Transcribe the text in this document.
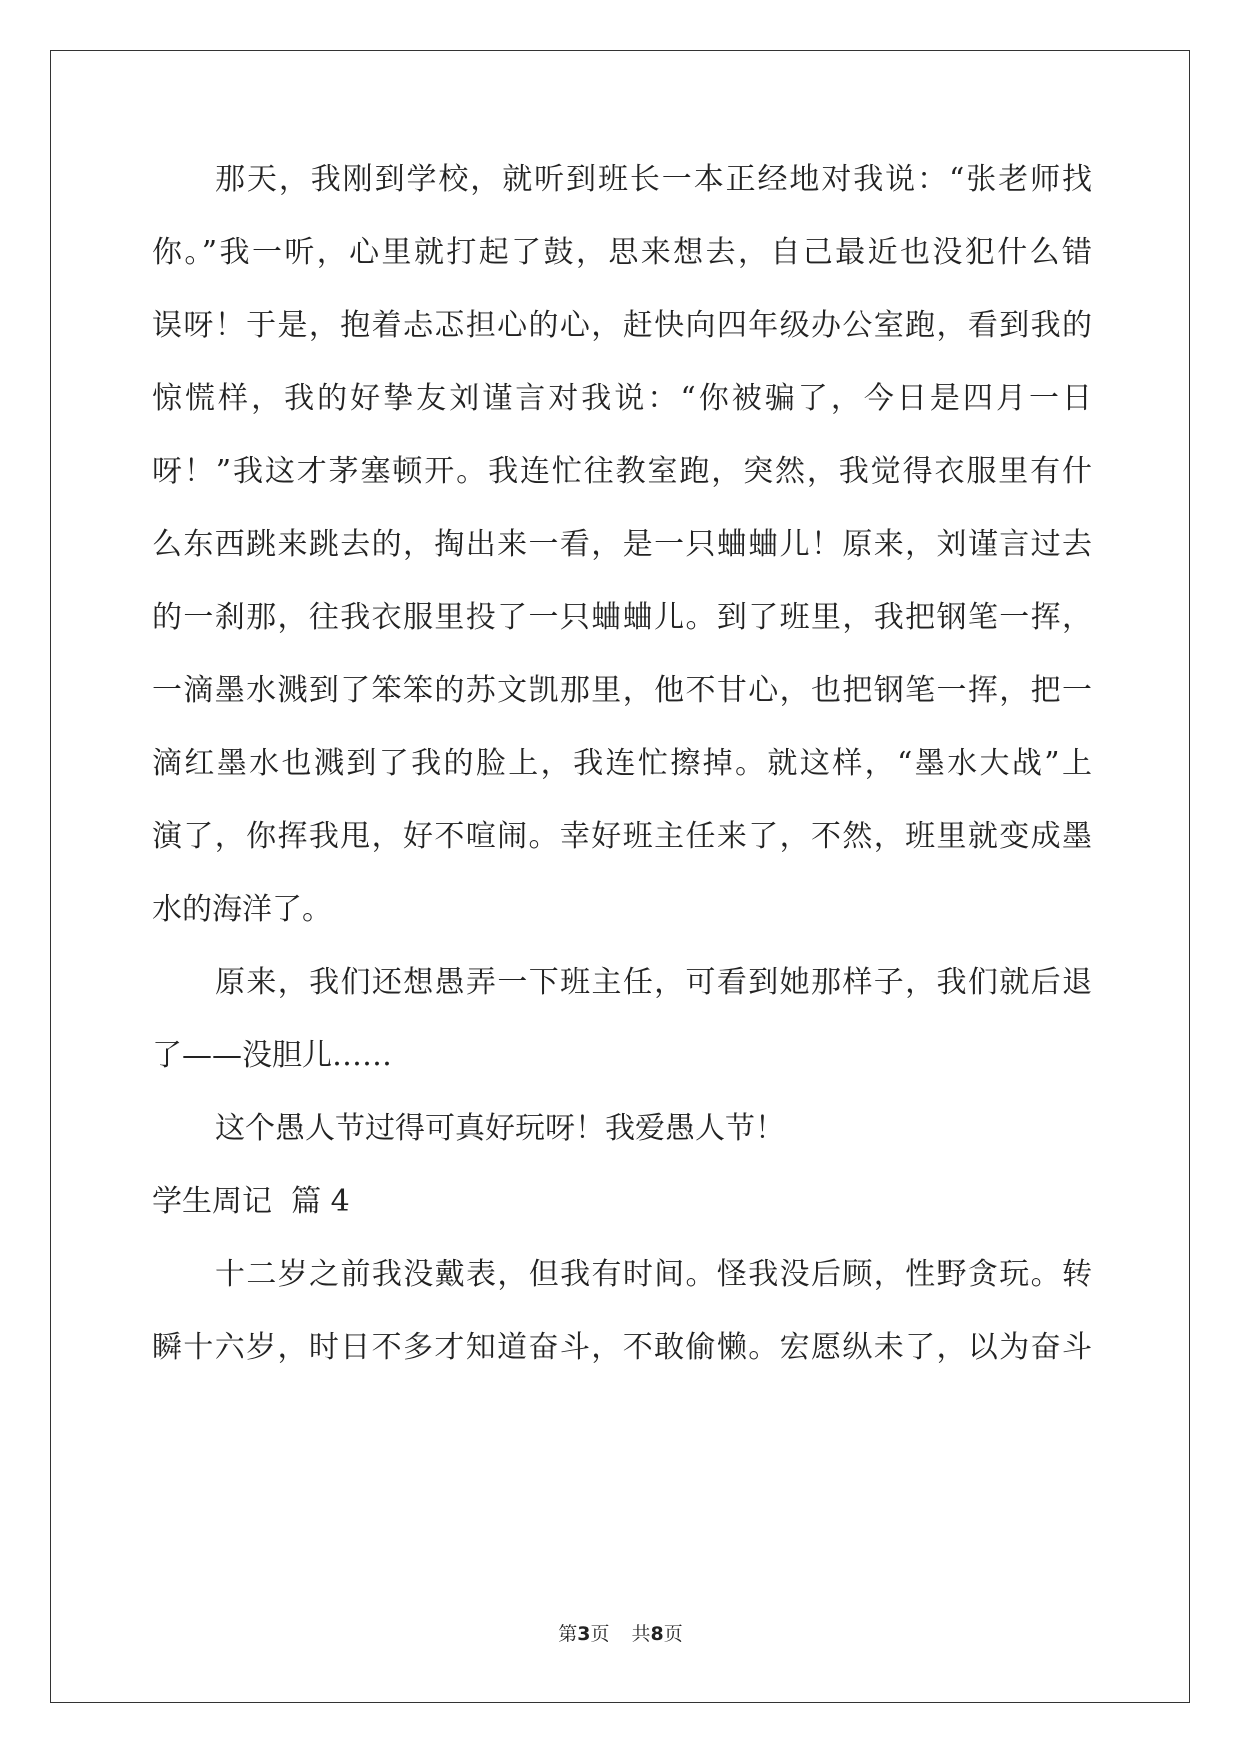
那天，我刚到学校，就听到班长一本正经地对我说：“张老师找
你。”我一听，心里就打起了鼓，思来想去，自己最近也没犯什么错
误呀！于是，抱着忐忑担心的心，赶快向四年级办公室跑，看到我的
惊慌样，我的好挚友刘谨言对我说：“你被骗了，今日是四月一日
呀！”我这才茅塞顿开。我连忙往教室跑，突然，我觉得衣服里有什
么东西跳来跳去的，掏出来一看，是一只蛐蛐儿！原来，刘谨言过去
的一刹那，往我衣服里投了一只蛐蛐儿。到了班里，我把钢笔一挥，
一滴墨水溅到了笨笨的苏文凯那里，他不甘心，也把钢笔一挥，把一
滴红墨水也溅到了我的脸上，我连忙擦掉。就这样，“墨水大战”上
演了，你挥我甩，好不喧闹。幸好班主任来了，不然，班里就变成墨
水的海洋了。
原来，我们还想愚弄一下班主任，可看到她那样子，我们就后退
了——没胆儿……
这个愚人节过得可真好玩呀！我爱愚人节！
学生周记  篇 4
十二岁之前我没戴表，但我有时间。怪我没后顾，性野贪玩。转
瞬十六岁，时日不多才知道奋斗，不敢偷懒。宏愿纵未了，以为奋斗
第3页 共8页
